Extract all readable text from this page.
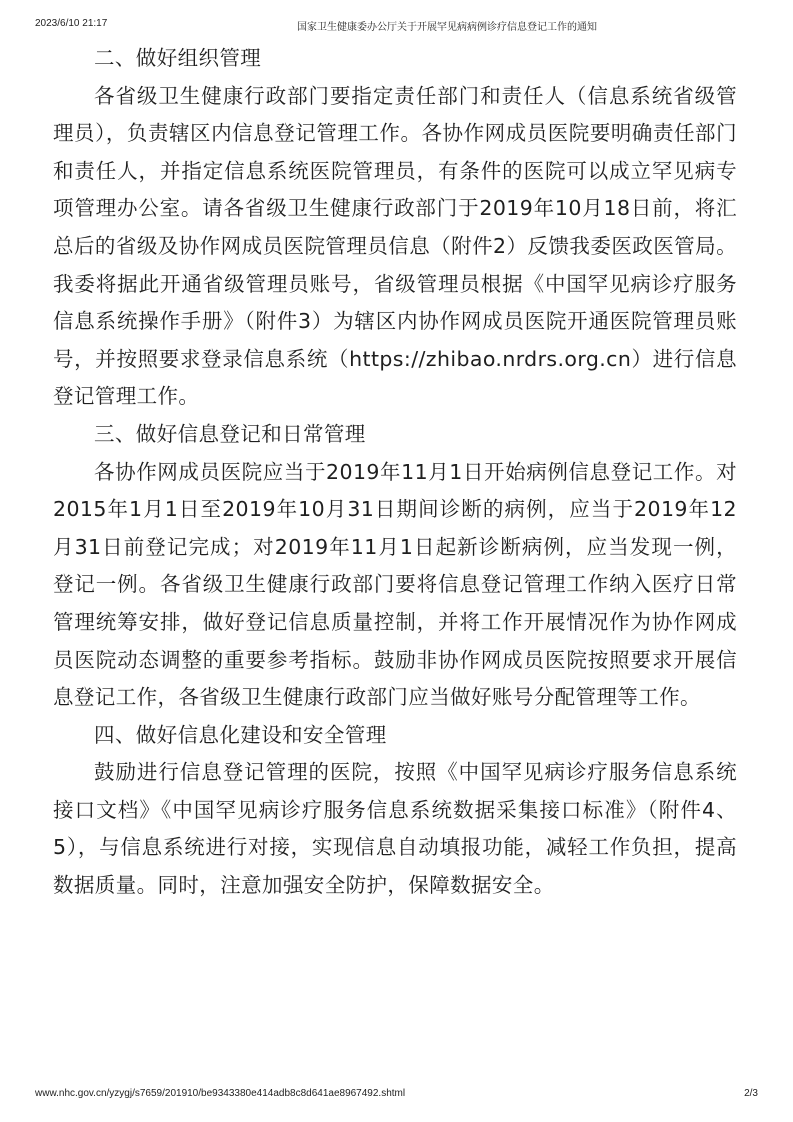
2023/6/10 21:17	国家卫生健康委办公厅关于开展罕见病病例诊疗信息登记工作的通知

二、做好组织管理

各省级卫生健康行政部门要指定责任部门和责任人（信息系统省级管理员），负责辖区内信息登记管理工作。各协作网成员医院要明确责任部门和责任人，并指定信息系统医院管理员，有条件的医院可以成立罕见病专项管理办公室。请各省级卫生健康行政部门于2019年10月18日前，将汇总后的省级及协作网成员医院管理员信息（附件2）反馈我委医政医管局。我委将据此开通省级管理员账号，省级管理员根据《中国罕见病诊疗服务信息系统操作手册》（附件3）为辖区内协作网成员医院开通医院管理员账号，并按照要求登录信息系统（https://zhibao.nrdrs.org.cn）进行信息登记管理工作。

三、做好信息登记和日常管理

各协作网成员医院应当于2019年11月1日开始病例信息登记工作。对2015年1月1日至2019年10月31日期间诊断的病例，应当于2019年12月31日前登记完成；对2019年11月1日起新诊断病例，应当发现一例，登记一例。各省级卫生健康行政部门要将信息登记管理工作纳入医疗日常管理统筹安排，做好登记信息质量控制，并将工作开展情况作为协作网成员医院动态调整的重要参考指标。鼓励非协作网成员医院按照要求开展信息登记工作，各省级卫生健康行政部门应当做好账号分配管理等工作。

四、做好信息化建设和安全管理

鼓励进行信息登记管理的医院，按照《中国罕见病诊疗服务信息系统接口文档》《中国罕见病诊疗服务信息系统数据采集接口标准》（附件4、5），与信息系统进行对接，实现信息自动填报功能，减轻工作负担，提高数据质量。同时，注意加强安全防护，保障数据安全。

www.nhc.gov.cn/yzygj/s7659/201910/be9343380e414adb8c8d641ae8967492.shtml	2/3
